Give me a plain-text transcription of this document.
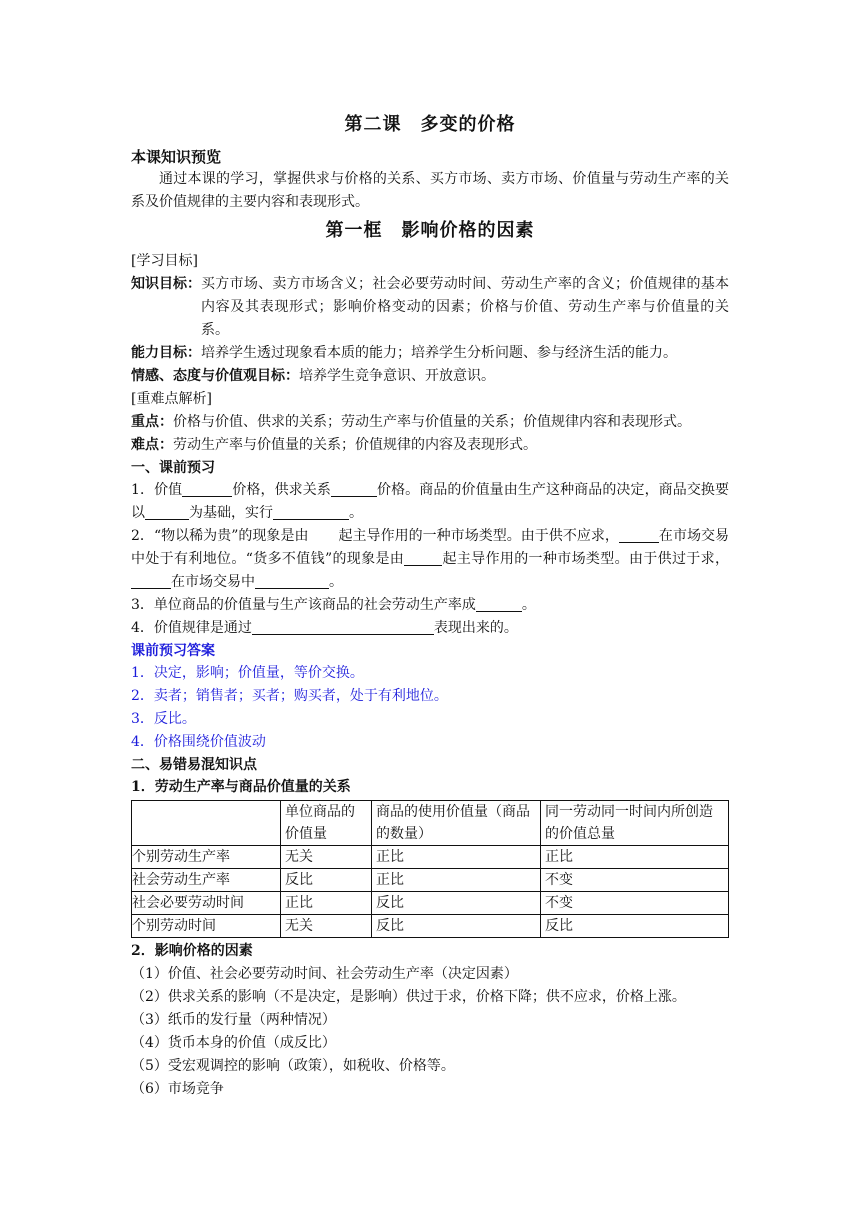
第二课　多变的价格
本课知识预览

通过本课的学习，掌握供求与价格的关系、买方市场、卖方市场、价值量与劳动生产率的关系及价值规律的主要内容和表现形式。

第一框　影响价格的因素

[学习目标]

知识目标： 买方市场、卖方市场含义；社会必要劳动时间、劳动生产率的含义；价值规律的基本内容及其表现形式；影响价格变动的因素；价格与价值、劳动生产率与价值量的关系。

能力目标：培养学生透过现象看本质的能力；培养学生分析问题、参与经济生活的能力。

情感、态度与价值观目标：培养学生竞争意识、开放意识。

[重难点解析]

重点：价格与价值、供求的关系；劳动生产率与价值量的关系；价值规律内容和表现形式。

难点：劳动生产率与价值量的关系；价值规律的内容及表现形式。

一、课前预习

1．价值	价格，供求关系	价格。商品的价值量由生产这种商品的决定，商品交换要以	为基础，实行	。

2．“物以稀为贵”的现象是由 起主导作用的一种市场类型。由于供不应求，	在市场交易中处于有利地位。“货多不值钱”的现象是由	起主导作用的一种市场类型。由于供过于求，在市场交易中	。

3．单位商品的价值量与生产该商品的社会劳动生产率成	。

4．价值规律是通过	表现出来的。

课前预习答案

1．决定，影响；价值量，等价交换。

2．卖者；销售者；买者；购买者，处于有利地位。

3．反比。

4．价格围绕价值波动

二、易错易混知识点
1．劳动生产率与商品价值量的关系
	单位商品的价值量	商品的使用价值量（商品的数量）	同一劳动同一时间内所创造的价值总量
个别劳动生产率	无关	正比	正比
社会劳动生产率	反比	正比	不变
社会必要劳动时间	正比	反比	不变
个别劳动时间	无关	反比	反比
2．影响价格的因素

（1）价值、社会必要劳动时间、社会劳动生产率（决定因素）

（2）供求关系的影响（不是决定，是影响）供过于求，价格下降；供不应求，价格上涨。

（3）纸币的发行量（两种情况）

（4）货币本身的价值（成反比）

（5）受宏观调控的影响（政策），如税收、价格等。

（6）市场竞争
